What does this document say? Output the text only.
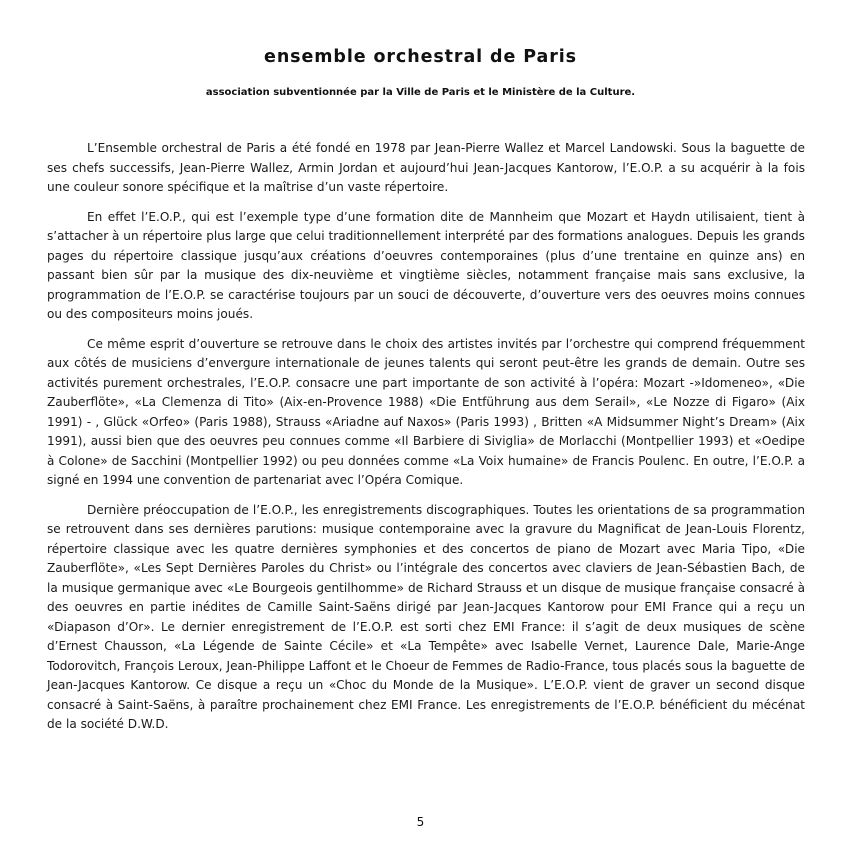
ensemble orchestral de Paris
association subventionnée par la Ville de Paris et le Ministère de la Culture.

L’Ensemble orchestral de Paris a été fondé en 1978 par Jean-Pierre Wallez et Marcel Landowski. Sous la baguette de ses chefs successifs, Jean-Pierre Wallez, Armin Jordan et aujourd’hui Jean-Jacques Kantorow, l’E.O.P. a su acquérir à la fois une couleur sonore spécifique et la maîtrise d’un vaste répertoire.

En effet l’E.O.P., qui est l’exemple type d’une formation dite de Mannheim que Mozart et Haydn utilisaient, tient à s’attacher à un répertoire plus large que celui traditionnellement interprété par des formations analogues. Depuis les grands pages du répertoire classique jusqu’aux créations d’oeuvres contemporaines (plus d’une trentaine en quinze ans) en passant bien sûr par la musique des dix-neuvième et vingtième siècles, notamment française mais sans exclusive, la programmation de l’E.O.P. se caractérise toujours par un souci de découverte, d’ouverture vers des oeuvres moins connues ou des compositeurs moins joués.

Ce même esprit d’ouverture se retrouve dans le choix des artistes invités par l’orchestre qui comprend fréquemment aux côtés de musiciens d’envergure internationale de jeunes talents qui seront peut-être les grands de demain. Outre ses activités purement orchestrales, l’E.O.P. consacre une part importante de son activité à l’opéra: Mozart -»Idomeneo», «Die Zauberflöte», «La Clemenza di Tito» (Aix-en-Provence 1988) «Die Entführung aus dem Serail», «Le Nozze di Figaro» (Aix 1991) - , Glück «Orfeo» (Paris 1988), Strauss «Ariadne auf Naxos» (Paris 1993) , Britten «A Midsummer Night’s Dream» (Aix 1991), aussi bien que des oeuvres peu connues comme «Il Barbiere di Siviglia» de Morlacchi (Montpellier 1993) et «Oedipe à Colone» de Sacchini (Montpellier 1992) ou peu données comme «La Voix humaine» de Francis Poulenc. En outre, l’E.O.P. a signé en 1994 une convention de partenariat avec l’Opéra Comique.

Dernière préoccupation de l’E.O.P., les enregistrements discographiques. Toutes les orientations de sa programmation se retrouvent dans ses dernières parutions: musique contemporaine avec la gravure du Magnificat de Jean-Louis Florentz, répertoire classique avec les quatre dernières symphonies et des concertos de piano de Mozart avec Maria Tipo, «Die Zauberflöte», «Les Sept Dernières Paroles du Christ» ou l’intégrale des concertos avec claviers de Jean-Sébastien Bach, de la musique germanique avec «Le Bourgeois gentilhomme» de Richard Strauss et un disque de musique française consacré à des oeuvres en partie inédites de Camille Saint-Saëns dirigé par Jean-Jacques Kantorow pour EMI France qui a reçu un «Diapason d’Or». Le dernier enregistrement de l’E.O.P. est sorti chez EMI France: il s’agit de deux musiques de scène d’Ernest Chausson, «La Légende de Sainte Cécile» et «La Tempête» avec Isabelle Vernet, Laurence Dale, Marie-Ange Todorovitch, François Leroux, Jean-Philippe Laffont et le Choeur de Femmes de Radio-France, tous placés sous la baguette de Jean-Jacques Kantorow. Ce disque a reçu un «Choc du Monde de la Musique». L’E.O.P. vient de graver un second disque consacré à Saint-Saëns, à paraître prochainement chez EMI France. Les enregistrements de l’E.O.P. bénéficient du mécénat de la société D.W.D.

5
